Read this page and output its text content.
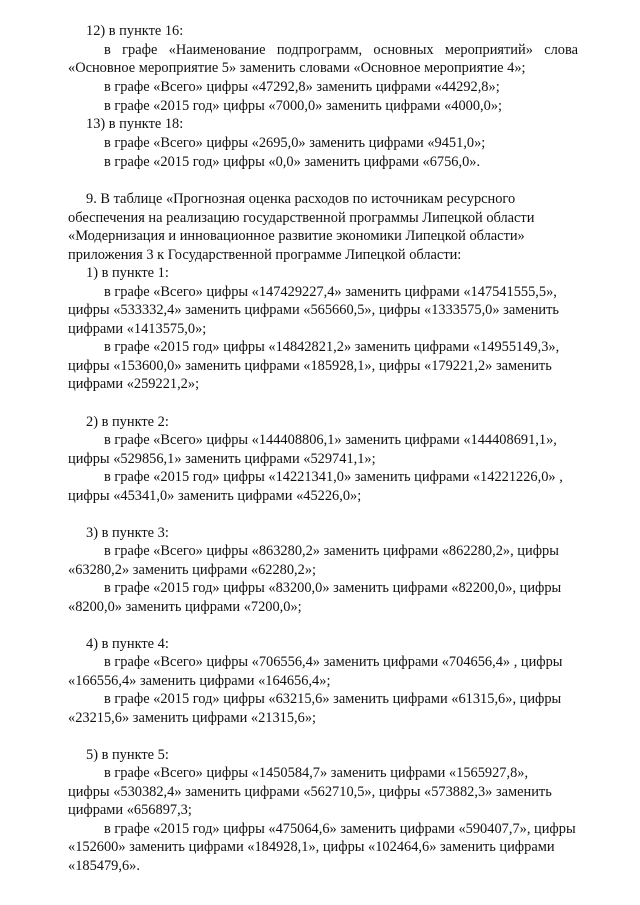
12) в пункте 16:
в графе «Наименование подпрограмм, основных мероприятий» слова
«Основное мероприятие 5» заменить словами «Основное мероприятие 4»;
в графе «Всего» цифры «47292,8» заменить цифрами «44292,8»;
в графе «2015 год» цифры «7000,0» заменить цифрами «4000,0»;
13) в пункте 18:
в графе «Всего» цифры «2695,0» заменить цифрами «9451,0»;
в графе «2015 год» цифры «0,0» заменить цифрами «6756,0».
9. В таблице «Прогнозная оценка расходов по источникам ресурсного
обеспечения на реализацию государственной программы Липецкой области
«Модернизация и инновационное развитие экономики Липецкой области»
приложения 3 к Государственной программе Липецкой области:
1) в пункте 1:
в графе «Всего» цифры «147429227,4» заменить цифрами «147541555,5»,
цифры «533332,4» заменить цифрами «565660,5», цифры «1333575,0» заменить
цифрами «1413575,0»;
в графе «2015 год» цифры «14842821,2» заменить цифрами «14955149,3»,
цифры «153600,0» заменить цифрами «185928,1», цифры «179221,2» заменить
цифрами «259221,2»;
2) в пункте 2:
в графе «Всего» цифры «144408806,1» заменить цифрами «144408691,1»,
цифры «529856,1» заменить цифрами «529741,1»;
в графе «2015 год» цифры «14221341,0» заменить цифрами «14221226,0» ,
цифры «45341,0» заменить цифрами «45226,0»;
3) в пункте 3:
в графе «Всего» цифры «863280,2» заменить цифрами «862280,2», цифры
«63280,2» заменить цифрами «62280,2»;
в графе «2015 год» цифры «83200,0» заменить цифрами «82200,0», цифры
«8200,0» заменить цифрами «7200,0»;
4) в пункте 4:
в графе «Всего» цифры «706556,4» заменить цифрами «704656,4» , цифры
«166556,4» заменить цифрами «164656,4»;
в графе «2015 год» цифры «63215,6» заменить цифрами «61315,6», цифры
«23215,6» заменить цифрами «21315,6»;
5) в пункте 5:
в графе «Всего» цифры «1450584,7» заменить цифрами «1565927,8»,
цифры «530382,4» заменить цифрами «562710,5», цифры «573882,3» заменить
цифрами «656897,3;
в графе «2015 год» цифры «475064,6» заменить цифрами «590407,7», цифры
«152600» заменить цифрами «184928,1», цифры «102464,6» заменить цифрами
«185479,6».
